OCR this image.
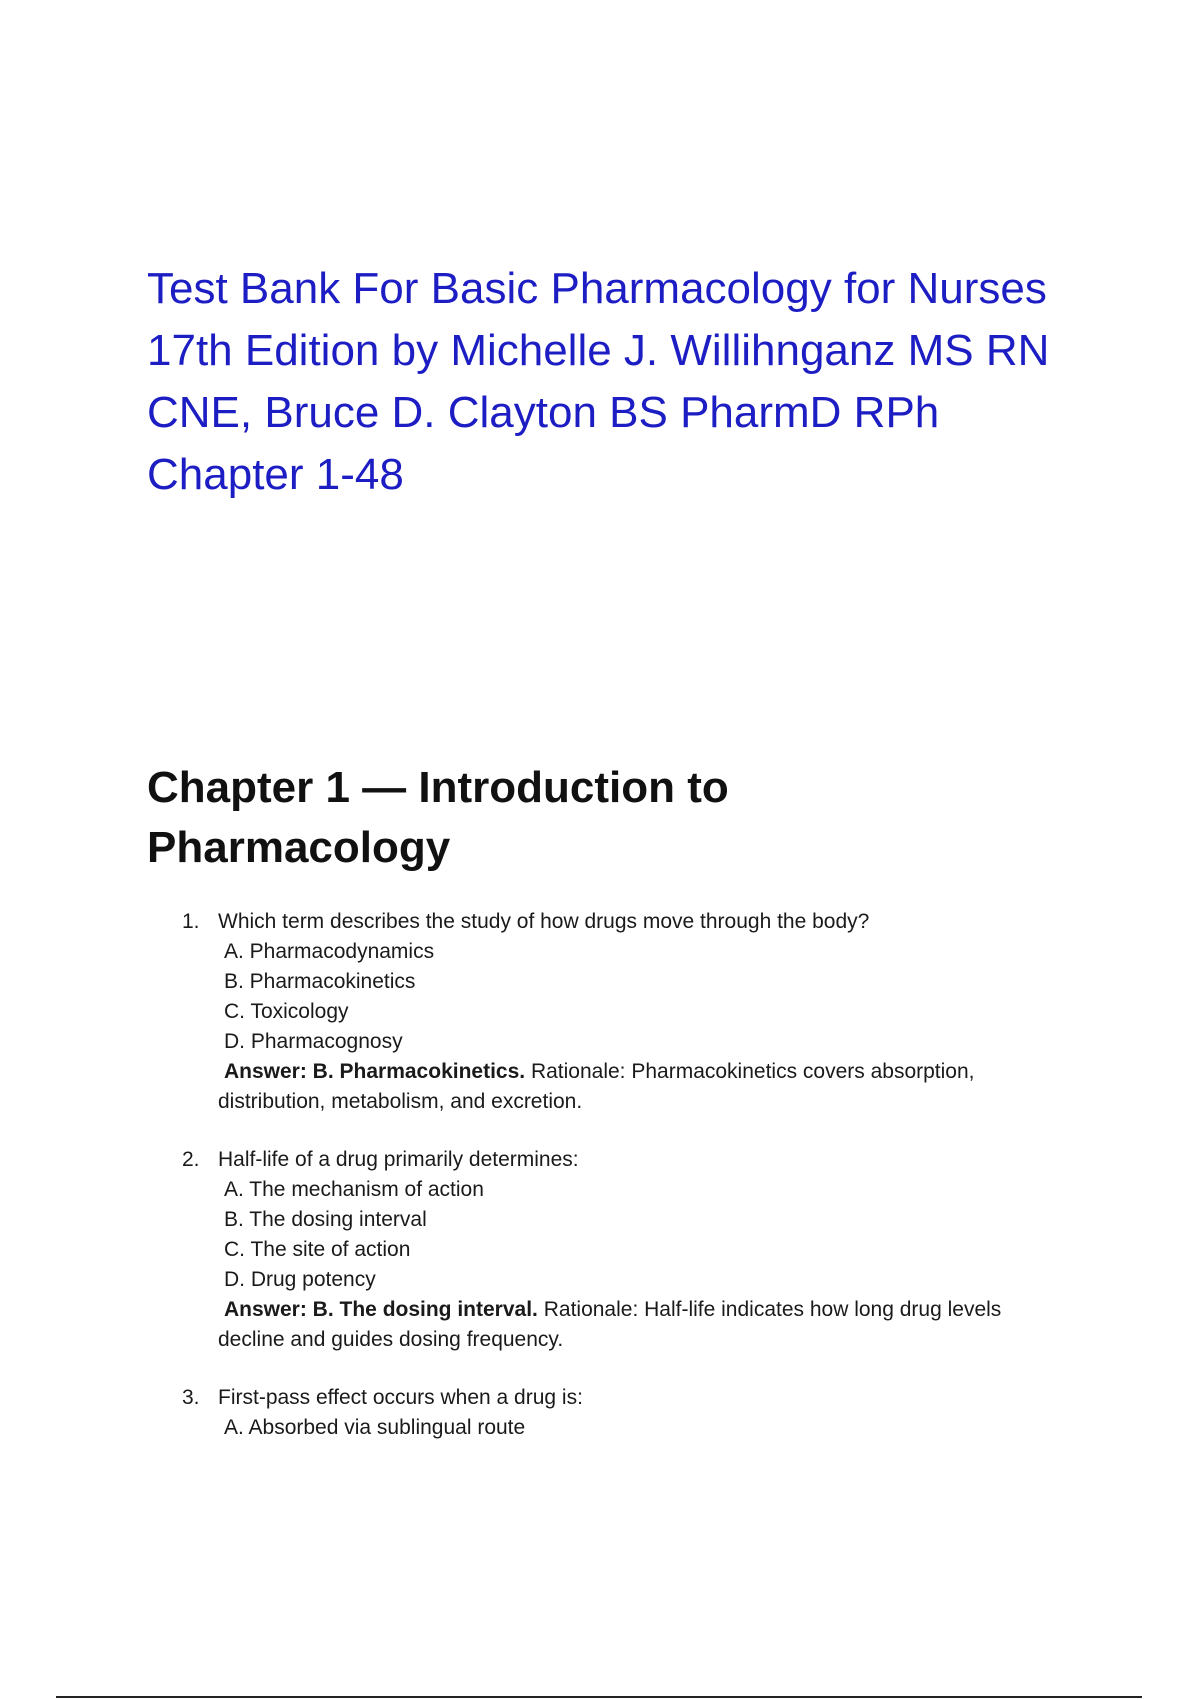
Test Bank For Basic Pharmacology for Nurses 17th Edition by Michelle J. Willihnganz MS RN CNE, Bruce D. Clayton BS PharmD RPh Chapter 1-48
Chapter 1 — Introduction to Pharmacology
1. Which term describes the study of how drugs move through the body?
A. Pharmacodynamics
B. Pharmacokinetics
C. Toxicology
D. Pharmacognosy
Answer: B. Pharmacokinetics. Rationale: Pharmacokinetics covers absorption, distribution, metabolism, and excretion.
2. Half-life of a drug primarily determines:
A. The mechanism of action
B. The dosing interval
C. The site of action
D. Drug potency
Answer: B. The dosing interval. Rationale: Half-life indicates how long drug levels decline and guides dosing frequency.
3. First-pass effect occurs when a drug is:
A. Absorbed via sublingual route
